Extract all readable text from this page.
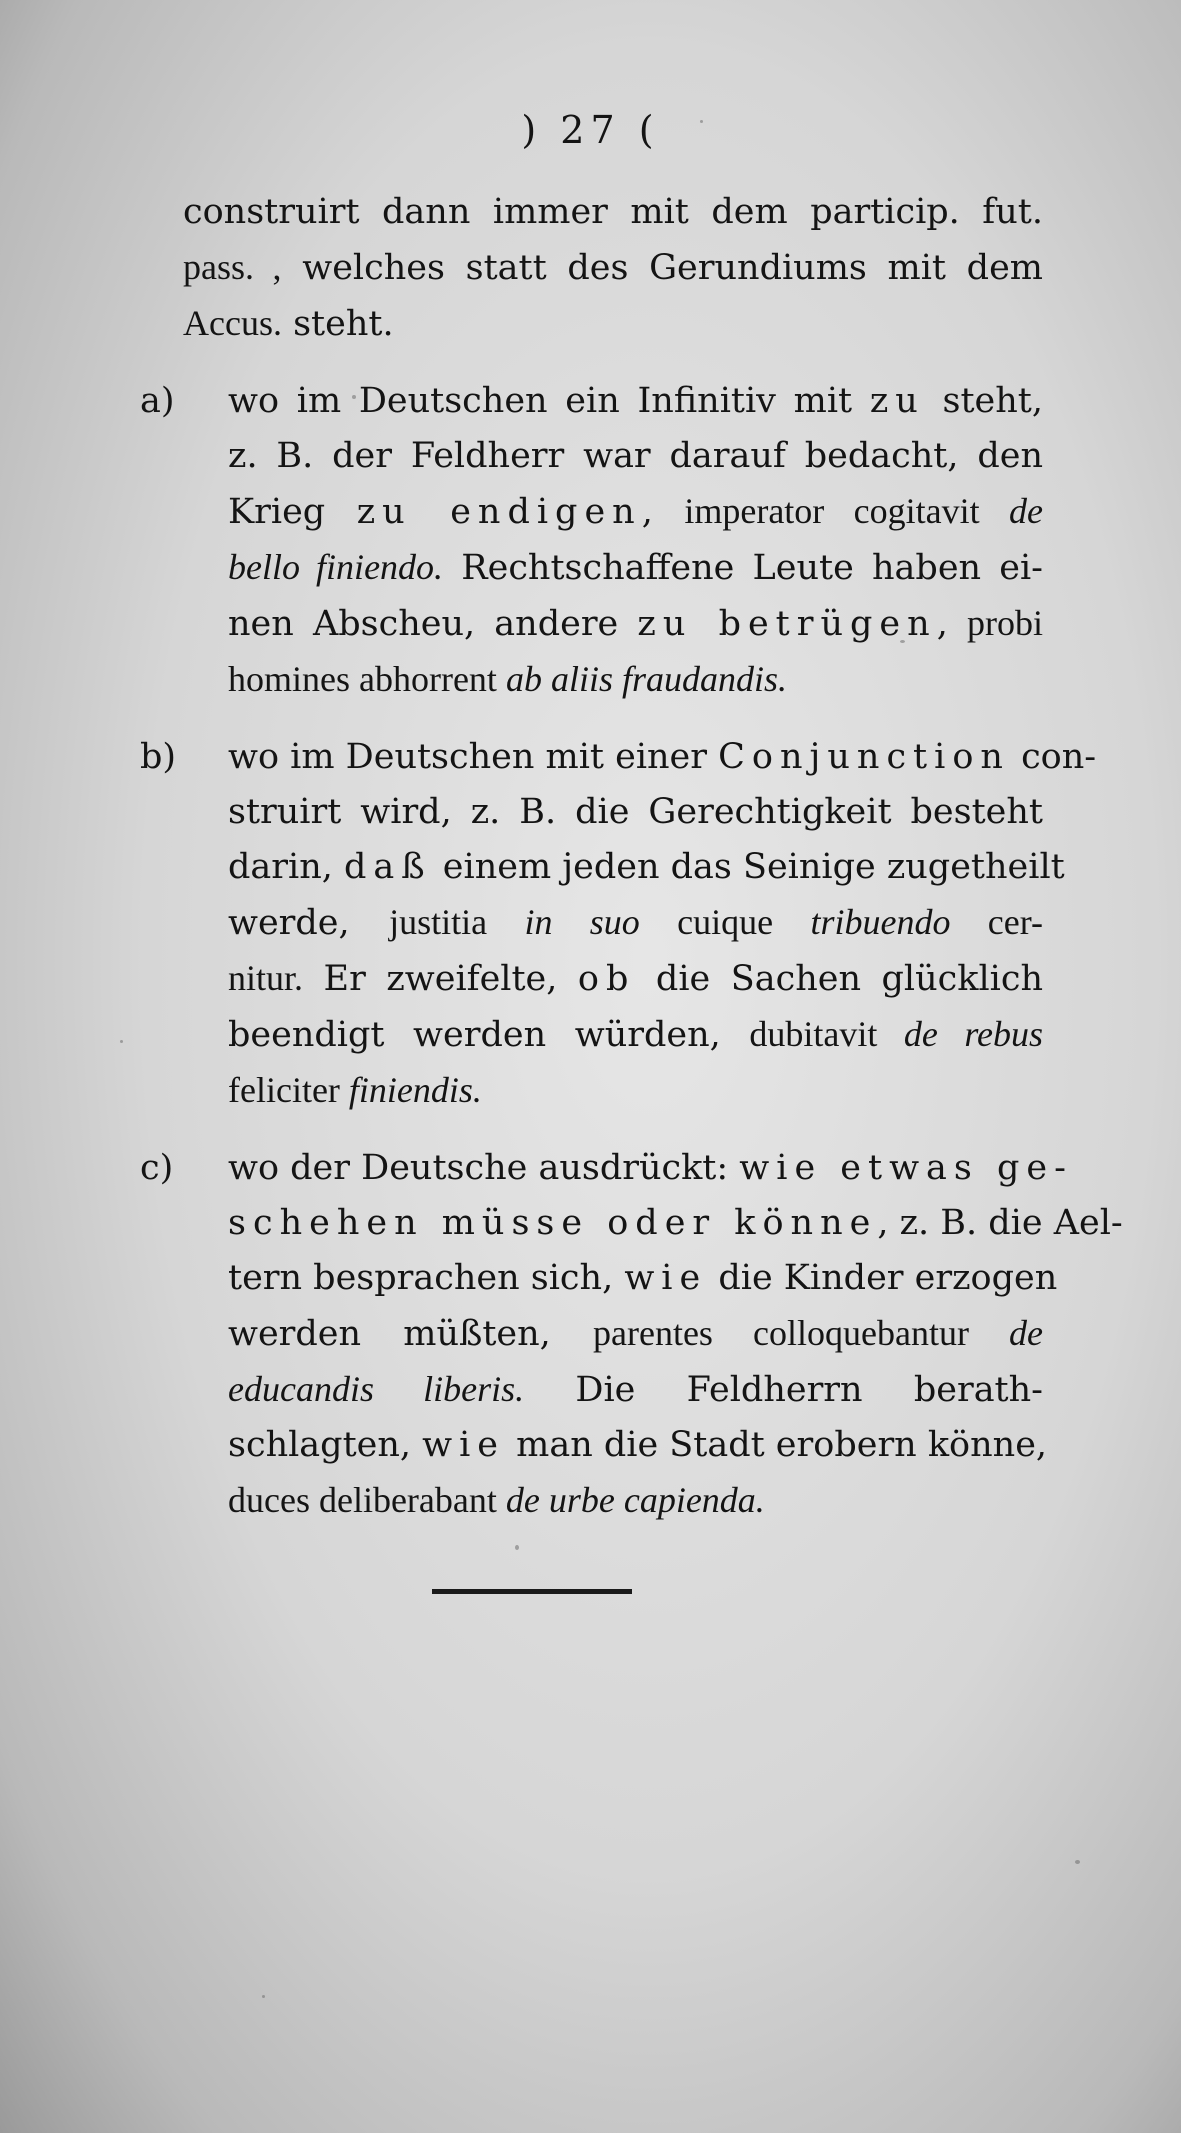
) 27 (
construirt dann immer mit dem particip. fut.
pass. , welches statt des Gerundiums mit dem
Accus. steht.
a) wo im Deutschen ein Infinitiv mit zu steht,
z. B. der Feldherr war darauf bedacht, den
Krieg zu endigen, imperator cogitavit de
bello finiendo. Rechtschaffene Leute haben ei-
nen Abscheu, andere zu betrügen, probi
homines abhorrent ab aliis fraudandis.
b) wo im Deutschen mit einer Conjunction con-
struirt wird, z. B. die Gerechtigkeit besteht
darin, daß einem jeden das Seinige zugetheilt
werde, justitia in suo cuique tribuendo cer-
nitur. Er zweifelte, ob die Sachen glücklich
beendigt werden würden, dubitavit de rebus
feliciter finiendis.
c) wo der Deutsche ausdrückt: wie etwas ge-
schehen müsse oder könne, z. B. die Ael-
tern besprachen sich, wie die Kinder erzogen
werden müßten, parentes colloquebantur de
educandis liberis. Die Feldherrn berath-
schlagten, wie man die Stadt erobern könne,
duces deliberabant de urbe capienda.
